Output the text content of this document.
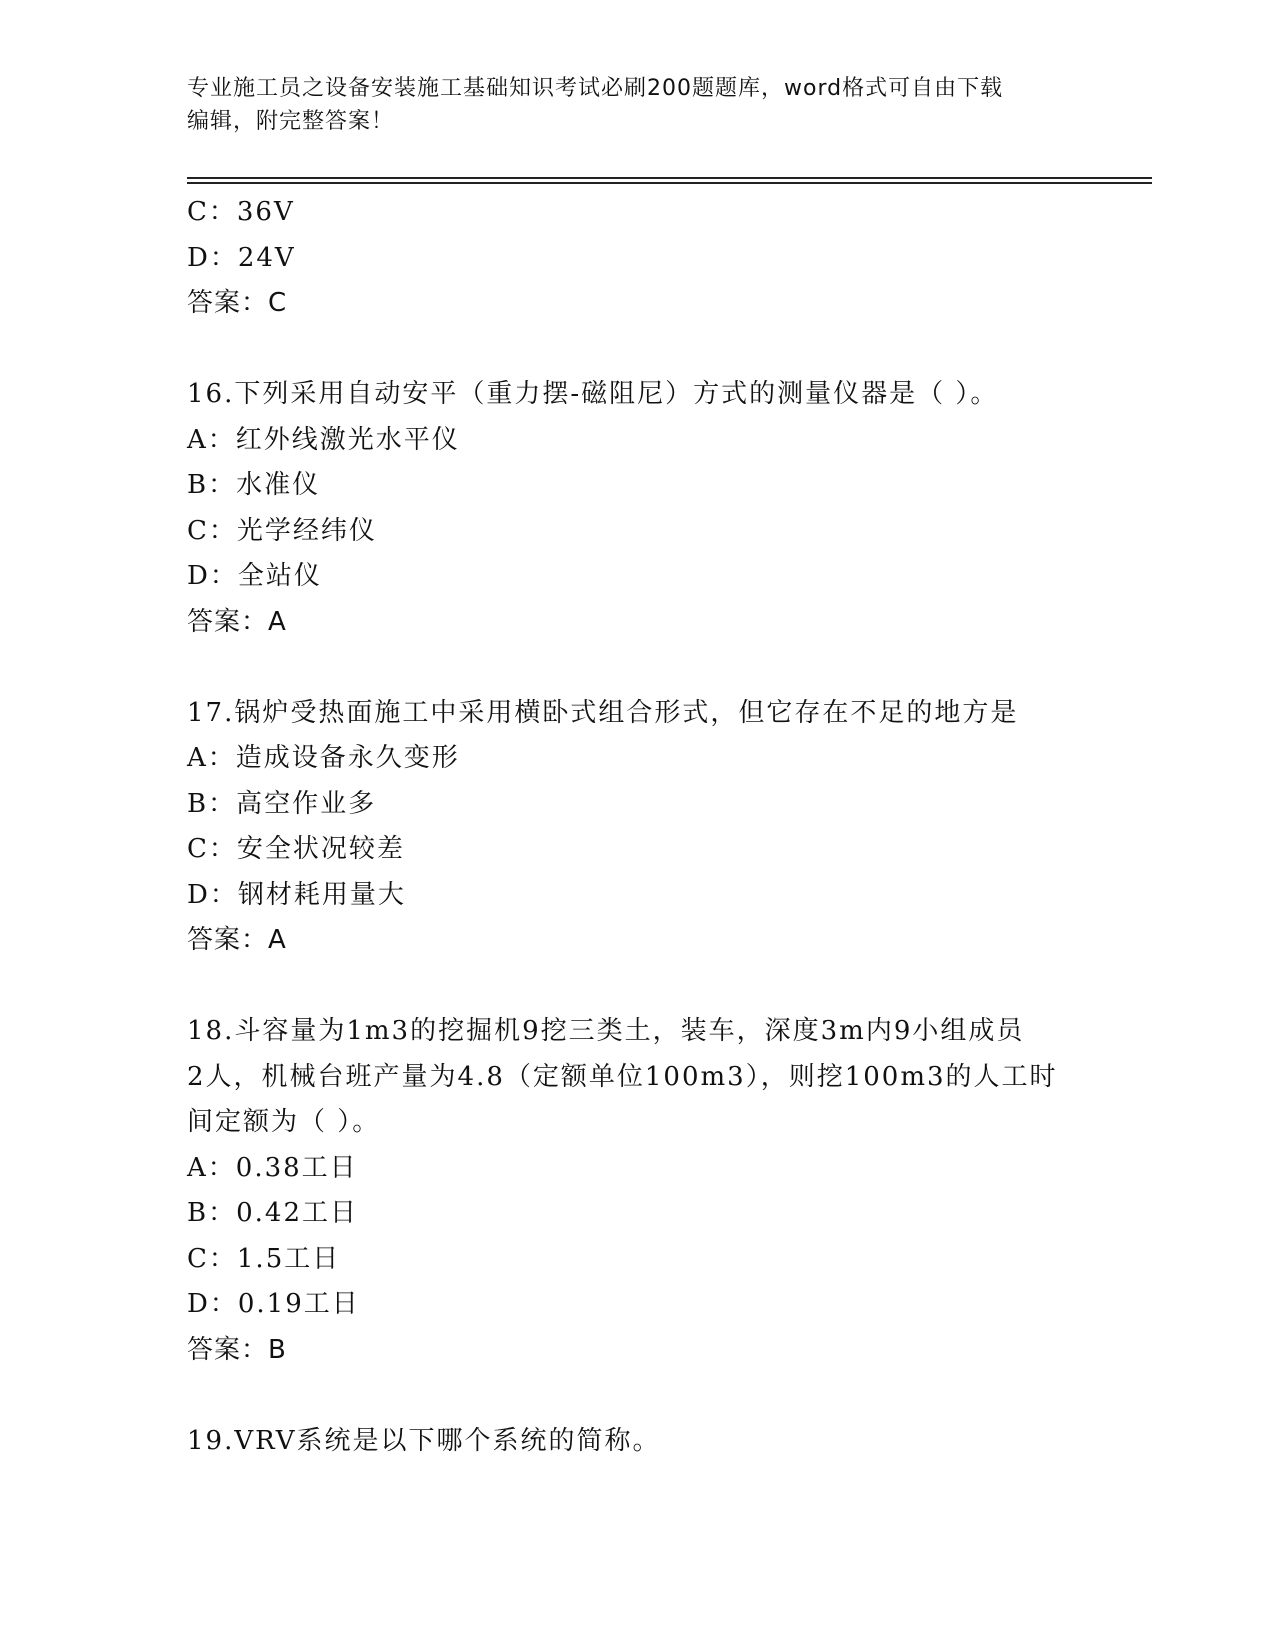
专业施工员之设备安装施工基础知识考试必刷200题题库，word格式可自由下载
编辑，附完整答案！
C：36V
D：24V
答案：C
16.下列采用自动安平（重力摆-磁阻尼）方式的测量仪器是（ ）。
A：红外线激光水平仪
B：水准仪
C：光学经纬仪
D：全站仪
答案：A
17.锅炉受热面施工中采用横卧式组合形式，但它存在不足的地方是
A：造成设备永久变形
B：高空作业多
C：安全状况较差
D：钢材耗用量大
答案：A
18.斗容量为1m3的挖掘机9挖三类土，装车，深度3m内9小组成员
2人，机械台班产量为4.8（定额单位100m3），则挖100m3的人工时
间定额为（ ）。
A：0.38工日
B：0.42工日
C：1.5工日
D：0.19工日
答案：B
19.VRV系统是以下哪个系统的简称。
